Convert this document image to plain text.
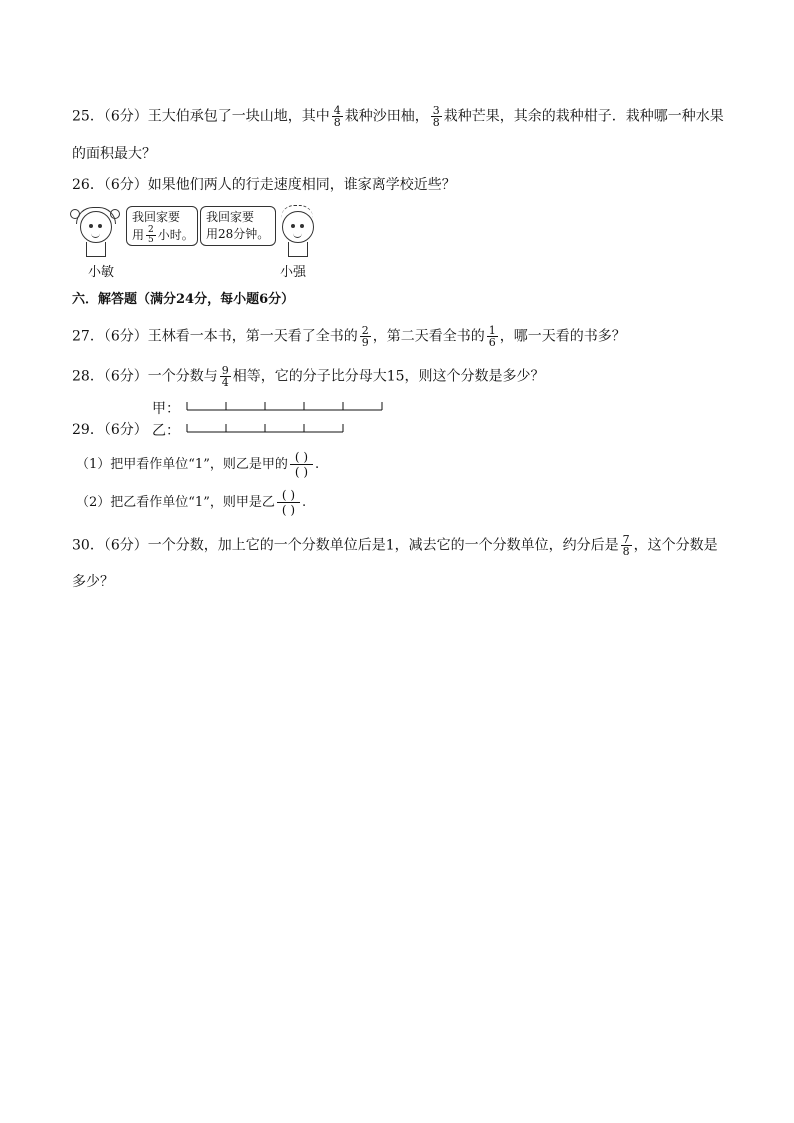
25．（6分）王大伯承包了一块山地，其中 $\frac{4}{8}$ 栽种沙田柚， $\frac{3}{8}$ 栽种芒果，其余的栽种柑子．栽种哪一种水果
的面积最大？
26．（6分）如果他们两人的行走速度相同，谁家离学校近些？
我回家要
用 $\frac{2}{5}$ 小时。
我回家要
用28分钟。
小敏	小强
六．解答题（满分24分，每小题6分）
27．（6分）王林看一本书，第一天看了全书的 $\frac{2}{9}$ ，第二天看全书的 $\frac{1}{6}$ ，哪一天看的书多？
28．（6分）一个分数与 $\frac{9}{4}$ 相等，它的分子比分母大15，则这个分数是多少？
甲：
29．（6分） 乙：
（1）把甲看作单位“1”，则乙是甲的 $\frac{( )}{( )}$ .
（2）把乙看作单位“1”，则甲是乙 $\frac{( )}{( )}$ .
30．（6分）一个分数，加上它的一个分数单位后是1，减去它的一个分数单位，约分后是 $\frac{7}{8}$ ，这个分数是
多少？
